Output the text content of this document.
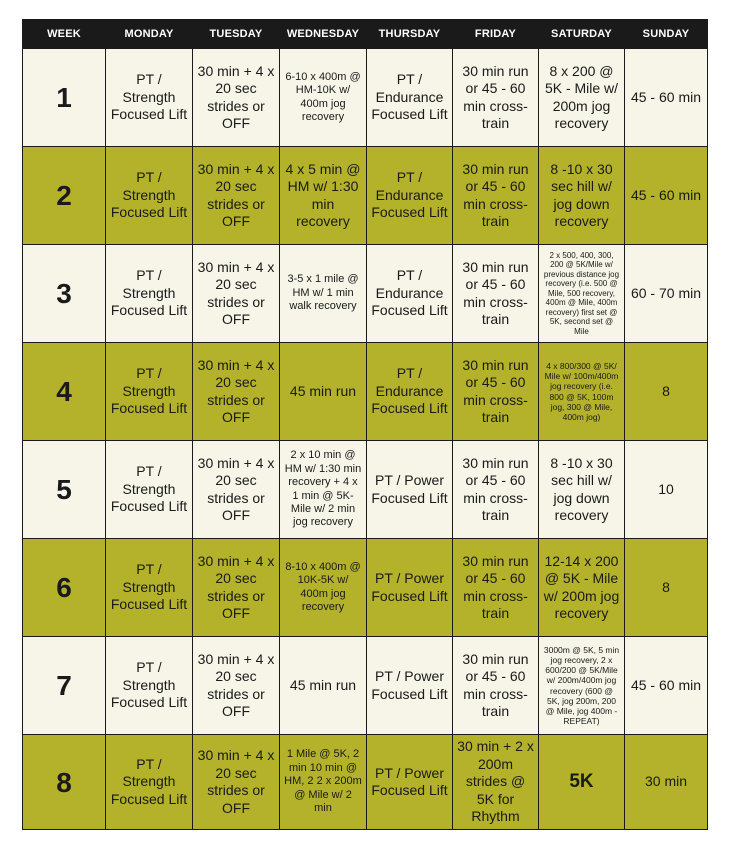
WEEK	MONDAY	TUESDAY	WEDNESDAY	THURSDAY	FRIDAY	SATURDAY	SUNDAY
1	PT / Strength Focused Lift	30 min + 4 x 20 sec strides or OFF	6-10 x 400m @ HM-10K w/ 400m jog recovery	PT / Endurance Focused Lift	30 min run or 45 - 60 min cross-train	8 x 200 @ 5K - Mile w/ 200m jog recovery	45 - 60 min
2	PT / Strength Focused Lift	30 min + 4 x 20 sec strides or OFF	4 x 5 min @ HM w/ 1:30 min recovery	PT / Endurance Focused Lift	30 min run or 45 - 60 min cross-train	8 -10 x 30 sec hill w/ jog down recovery	45 - 60 min
3	PT / Strength Focused Lift	30 min + 4 x 20 sec strides or OFF	3-5 x 1 mile @ HM w/ 1 min walk recovery	PT / Endurance Focused Lift	30 min run or 45 - 60 min cross-train	2 x 500, 400, 300, 200 @ 5K/Mile w/ previous distance jog recovery (i.e. 500 @ Mile, 500 recovery, 400m @ Mile, 400m recovery) first set @ 5K, second set @ Mile	60 - 70 min
4	PT / Strength Focused Lift	30 min + 4 x 20 sec strides or OFF	45 min run	PT / Endurance Focused Lift	30 min run or 45 - 60 min cross-train	4 x 800/300 @ 5K/ Mile w/ 100m/400m jog recovery (i.e. 800 @ 5K, 100m jog, 300 @ Mile, 400m jog)	8
5	PT / Strength Focused Lift	30 min + 4 x 20 sec strides or OFF	2 x 10 min @ HM w/ 1:30 min recovery + 4 x 1 min @ 5K-Mile w/ 2 min jog recovery	PT / Power Focused Lift	30 min run or 45 - 60 min cross-train	8 -10 x 30 sec hill w/ jog down recovery	10
6	PT / Strength Focused Lift	30 min + 4 x 20 sec strides or OFF	8-10 x 400m @ 10K-5K w/ 400m jog recovery	PT / Power Focused Lift	30 min run or 45 - 60 min cross-train	12-14 x 200 @ 5K - Mile w/ 200m jog recovery	8
7	PT / Strength Focused Lift	30 min + 4 x 20 sec strides or OFF	45 min run	PT / Power Focused Lift	30 min run or 45 - 60 min cross-train	3000m @ 5K, 5 min jog recovery, 2 x 600/200 @ 5K/Mile w/ 200m/400m jog recovery (600 @ 5K, jog 200m, 200 @ Mile, jog 400m - REPEAT)	45 - 60 min
8	PT / Strength Focused Lift	30 min + 4 x 20 sec strides or OFF	1 Mile @ 5K, 2 min 10 min @ HM, 2 2 x 200m @ Mile w/ 2 min	PT / Power Focused Lift	30 min + 2 x 200m strides @ 5K for Rhythm	5K	30 min
